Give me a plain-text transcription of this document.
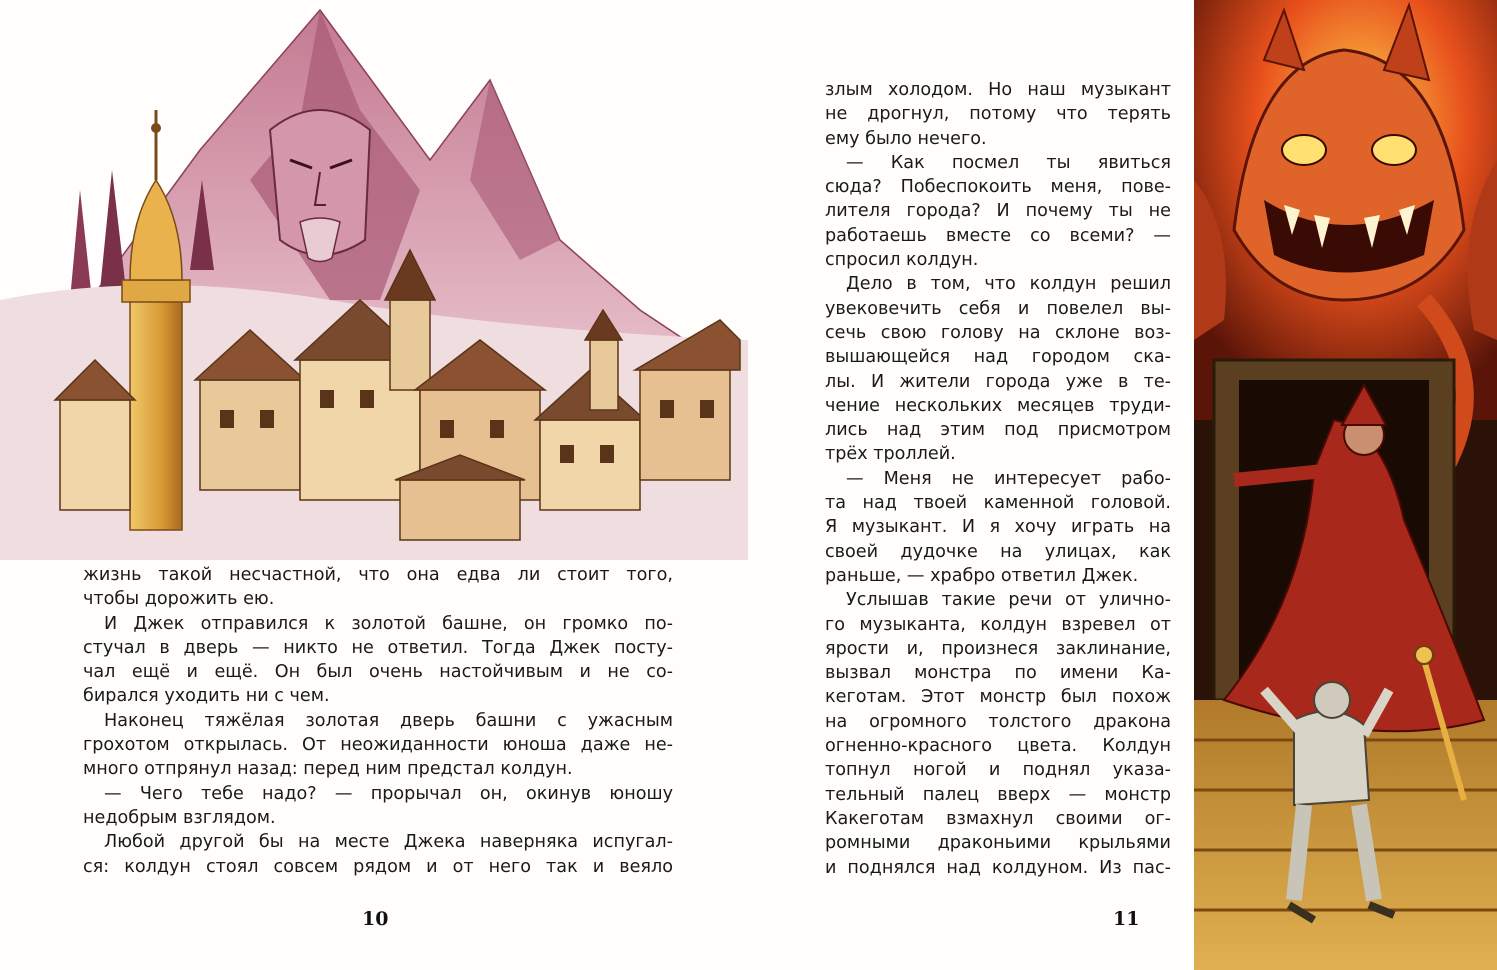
жизнь такой несчастной, что она едва ли стоит того,
чтобы дорожить ею.
И Джек отправился к золотой башне, он громко по-
стучал в дверь — никто не ответил. Тогда Джек посту-
чал ещё и ещё. Он был очень настойчивым и не со-
бирался уходить ни с чем.
Наконец тяжёлая золотая дверь башни с ужасным
грохотом открылась. От неожиданности юноша даже не-
много отпрянул назад: перед ним предстал колдун.
— Чего тебе надо? — прорычал он, окинув юношу
недобрым взглядом.
Любой другой бы на месте Джека наверняка испугал-
ся: колдун стоял совсем рядом и от него так и веяло
10
злым холодом. Но наш музыкант
не дрогнул, потому что терять
ему было нечего.
— Как посмел ты явиться
сюда? Побеспокоить меня, пове-
лителя города? И почему ты не
работаешь вместе со всеми? —
спросил колдун.
Дело в том, что колдун решил
увековечить себя и повелел вы-
сечь свою голову на склоне воз-
вышающейся над городом ска-
лы. И жители города уже в те-
чение нескольких месяцев труди-
лись над этим под присмотром
трёх троллей.
— Меня не интересует рабо-
та над твоей каменной головой.
Я музыкант. И я хочу играть на
своей дудочке на улицах, как
раньше, — храбро ответил Джек.
Услышав такие речи от улично-
го музыканта, колдун взревел от
ярости и, произнеся заклинание,
вызвал монстра по имени Ка-
кеготам. Этот монстр был похож
на огромного толстого дракона
огненно-красного цвета. Колдун
топнул ногой и поднял указа-
тельный палец вверх — монстр
Какеготам взмахнул своими ог-
ромными драконьими крыльями
и поднялся над колдуном. Из пас-
11
